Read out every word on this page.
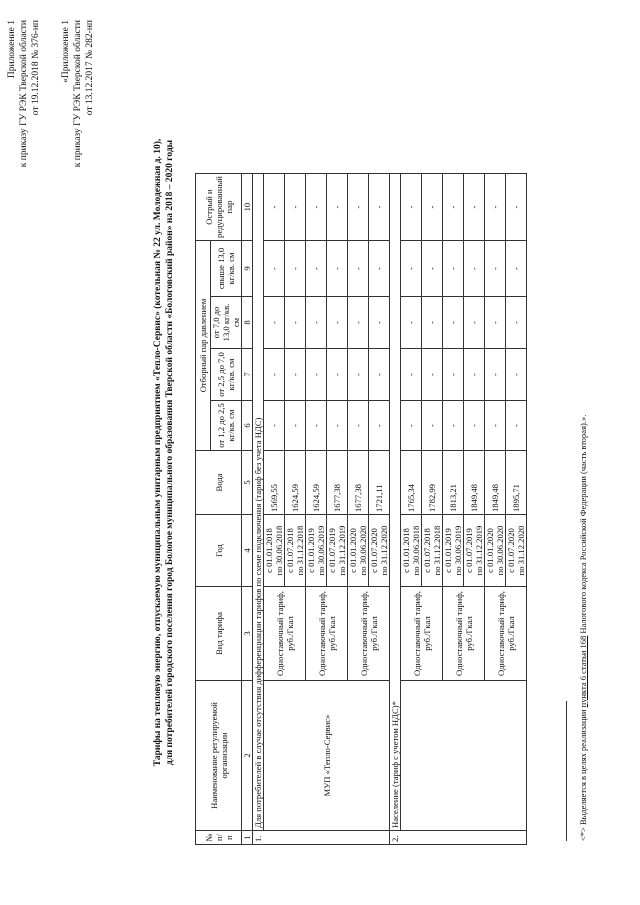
Приложение 1 к приказу ГУ РЭК Тверской области от 19.12.2018 № 376-нп «Приложение 1 к приказу ГУ РЭК Тверской области от 13.12.2017 № 282-нп
Тарифы на тепловую энергию, отпускаемую муниципальным унитарным предприятием «Тепло-Сервис» (котельная № 22 ул. Молодежная д. 10), для потребителей городского поселения город Бологое муниципального образования Тверской области «Бологовский район» на 2018 – 2020 годы
№ п/п	Наименование регулируемой организации	Вид тарифа	Год	Вода	Отборный пар давлением				Острый и редуцированный пар
					от 1,2 до 2,5 кг/кв. см	от 2,5 до 7,0 кг/кв. см	от 7,0 до 13,0 кг/кв. см	свыше 13,0 кг/кв. см	
1	2	3	4	5	6	7	8	9	10
1.	Для потребителей в случае отсутствия дифференциации тарифов по схеме подключения (тариф без учета НДС)								
	МУП «Тепло-Сервис»	Одноставочный тариф, руб./Гкал	с 01.01.2018 по 30.06.2018	1569,55	-	-	-	-	-

			с 01.07.2018 по 31.12.2018	1624,59	-	-	-	-	-
		Одноставочный тариф, руб./Гкал	с 01.01.2019 по 30.06.2019	1624,59	-	-	-	-	-

			с 01.07.2019 по 31.12.2019	1677,38	-	-	-	-	-
		Одноставочный тариф, руб./Гкал	с 01.01.2020 по 30.06.2020	1677,38	-	-	-	-	-

			с 01.07.2020 по 31.12.2020	1721,11	-	-	-	-	-
2.	Население (тариф с учетом НДС)*								
		Одноставочный тариф, руб./Гкал	с 01.01.2018 по 30.06.2018	1765,34	-	-	-	-	-

			с 01.07.2018 по 31.12.2018	1782,99	-	-	-	-	-
		Одноставочный тариф, руб./Гкал	с 01.01.2019 по 30.06.2019	1813,21	-	-	-	-	-

			с 01.07.2019 по 31.12.2019	1849,48	-	-	-	-	-
		Одноставочный тариф, руб./Гкал	с 01.01.2020 по 30.06.2020	1849,48	-	-	-	-	-

			с 01.07.2020 по 31.12.2020	1895,71	-	-	-	-	-
<*> Выделяется в целях реализации пункта 6 статьи 168 Налогового кодекса Российской Федерации (часть вторая).».
